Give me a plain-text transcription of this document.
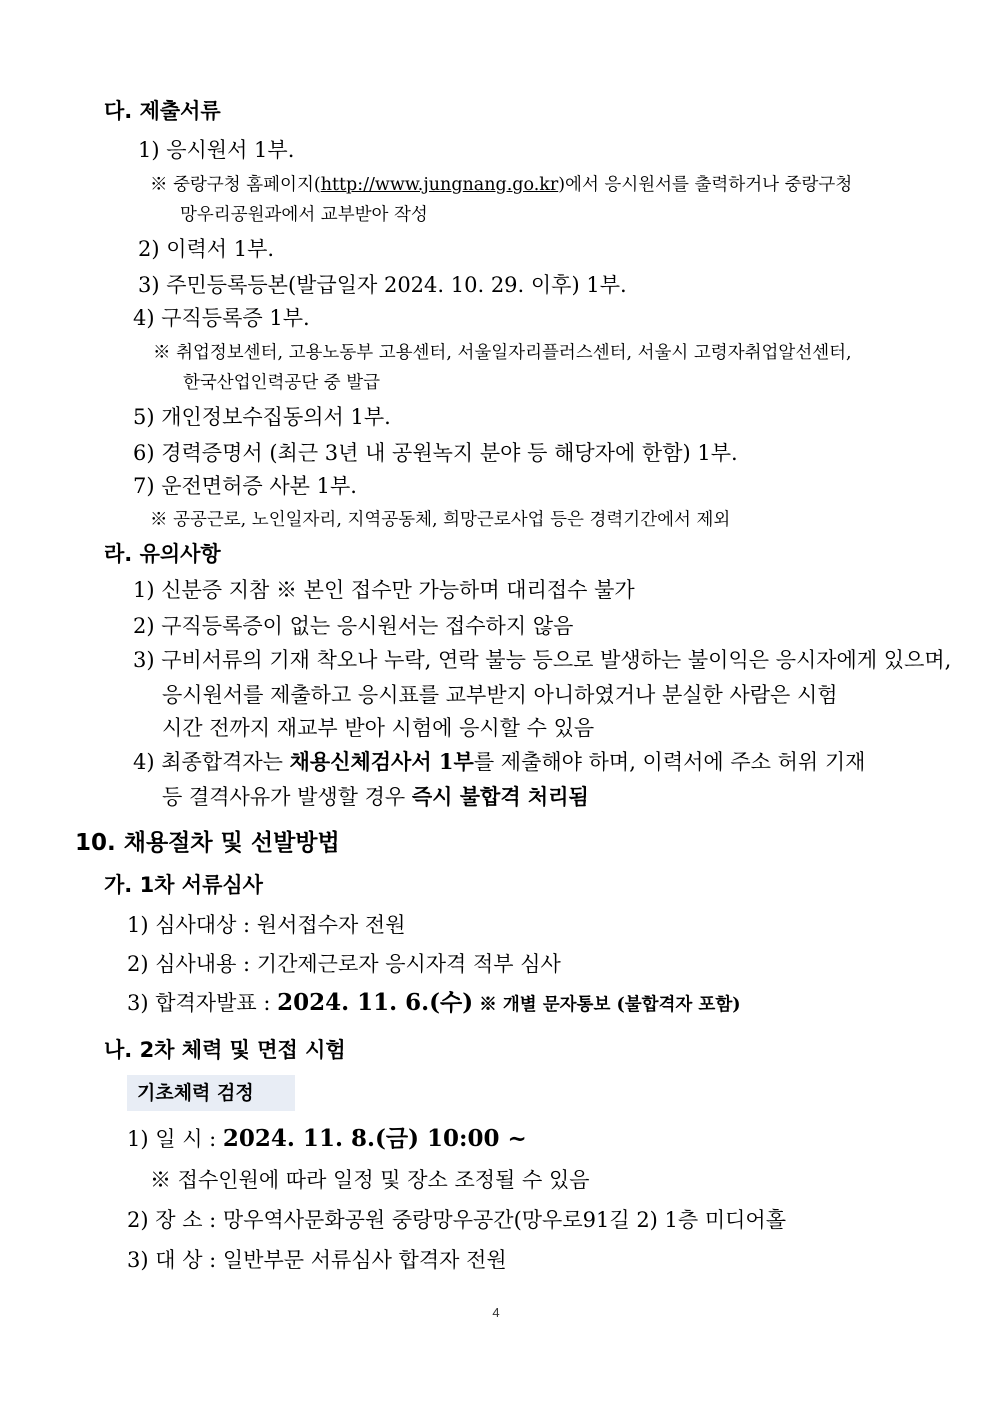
다. 제출서류
1) 응시원서 1부.
※ 중랑구청 홈페이지(http://www.jungnang.go.kr)에서 응시원서를 출력하거나 중랑구청
망우리공원과에서 교부받아 작성
2) 이력서 1부.
3) 주민등록등본(발급일자 2024. 10. 29. 이후) 1부.
4) 구직등록증 1부.
※ 취업정보센터, 고용노동부 고용센터, 서울일자리플러스센터, 서울시 고령자취업알선센터,
한국산업인력공단 중 발급
5) 개인정보수집동의서 1부.
6) 경력증명서 (최근 3년 내 공원녹지 분야 등 해당자에 한함) 1부.
7) 운전면허증 사본 1부.
※ 공공근로, 노인일자리, 지역공동체, 희망근로사업 등은 경력기간에서 제외
라. 유의사항
1) 신분증 지참 ※ 본인 접수만 가능하며 대리접수 불가
2) 구직등록증이 없는 응시원서는 접수하지 않음
3) 구비서류의 기재 착오나 누락, 연락 불능 등으로 발생하는 불이익은 응시자에게 있으며,
응시원서를 제출하고 응시표를 교부받지 아니하였거나 분실한 사람은 시험
시간 전까지 재교부 받아 시험에 응시할 수 있음
4) 최종합격자는 채용신체검사서 1부를 제출해야 하며, 이력서에 주소 허위 기재
등 결격사유가 발생할 경우 즉시 불합격 처리됨
10. 채용절차 및 선발방법
가. 1차 서류심사
1) 심사대상 : 원서접수자 전원
2) 심사내용 : 기간제근로자 응시자격 적부 심사
3) 합격자발표 : 2024. 11. 6.(수) ※ 개별 문자통보 (불합격자 포함)
나. 2차 체력 및 면접 시험
기초체력 검정
1) 일 시 : 2024. 11. 8.(금) 10:00 ~
※ 접수인원에 따라 일정 및 장소 조정될 수 있음
2) 장 소 : 망우역사문화공원 중랑망우공간(망우로91길 2) 1층 미디어홀
3) 대 상 : 일반부문 서류심사 합격자 전원
4
